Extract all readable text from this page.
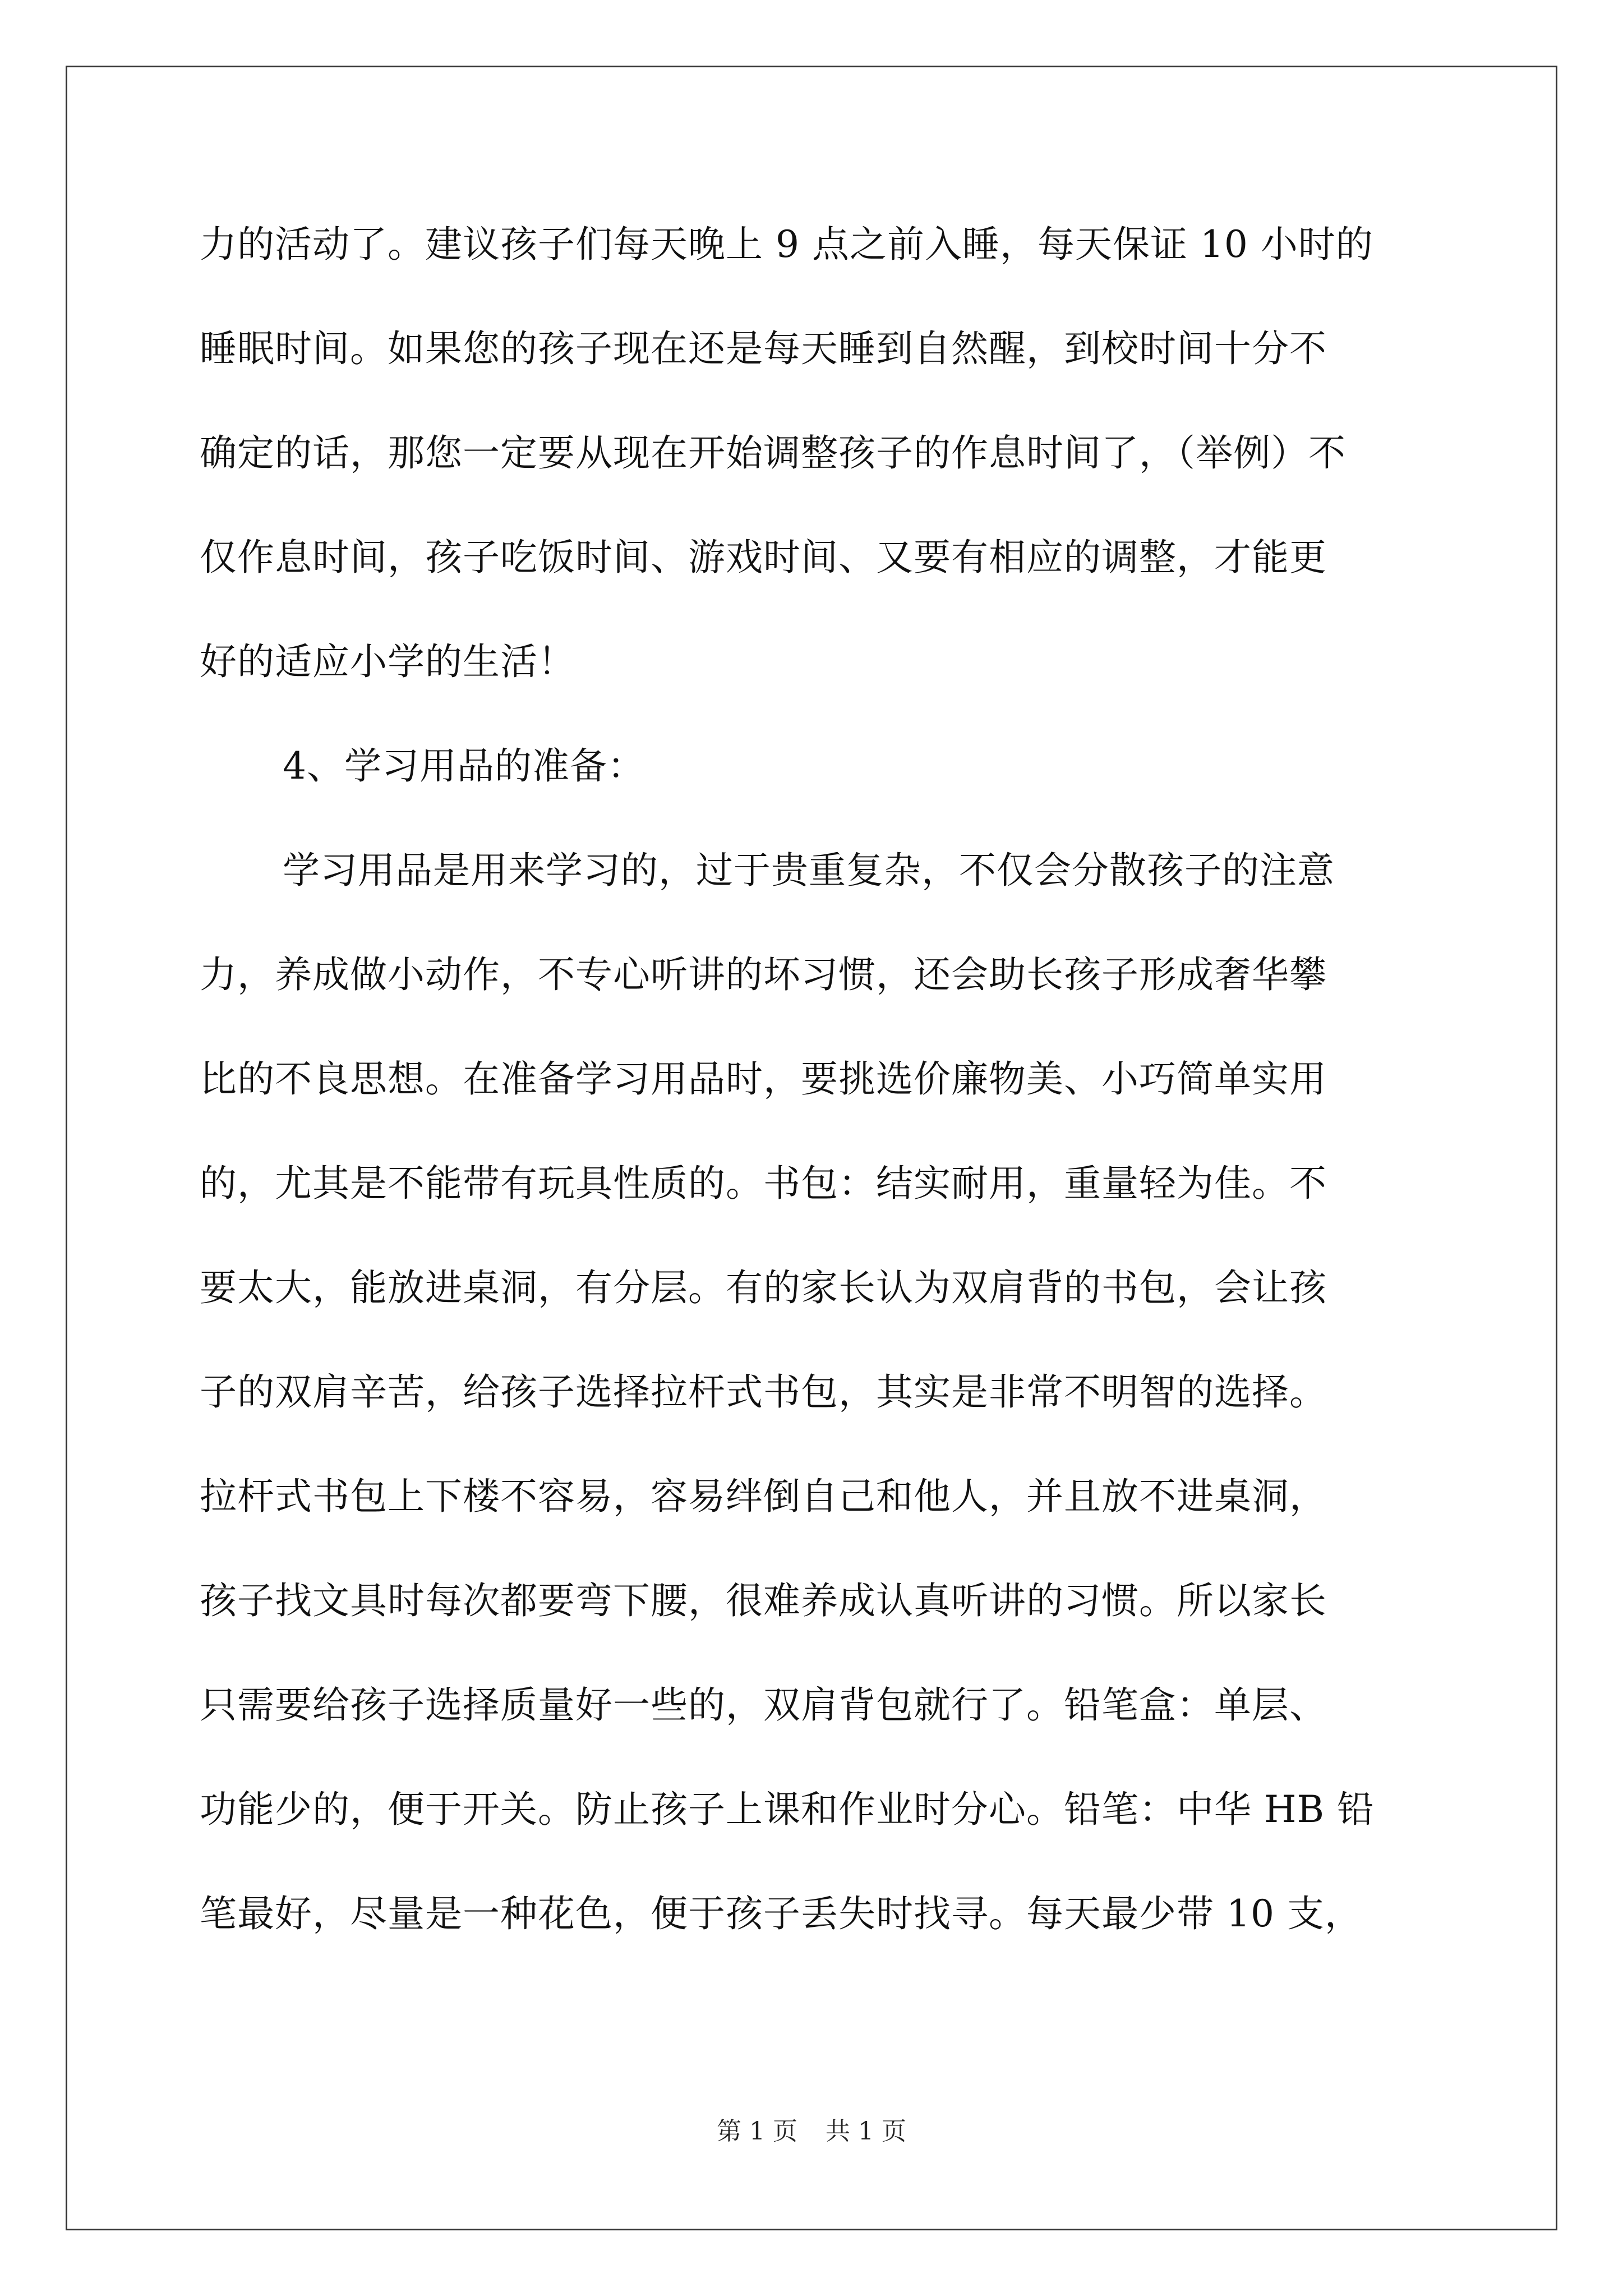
力的活动了。建议孩子们每天晚上 9 点之前入睡，每天保证 10 小时的
睡眠时间。如果您的孩子现在还是每天睡到自然醒，到校时间十分不
确定的话，那您一定要从现在开始调整孩子的作息时间了，（举例）不
仅作息时间，孩子吃饭时间、游戏时间、又要有相应的调整，才能更
好的适应小学的生活！
4、学习用品的准备：
学习用品是用来学习的，过于贵重复杂，不仅会分散孩子的注意
力，养成做小动作，不专心听讲的坏习惯，还会助长孩子形成奢华攀
比的不良思想。在准备学习用品时，要挑选价廉物美、小巧简单实用
的，尤其是不能带有玩具性质的。书包：结实耐用，重量轻为佳。不
要太大，能放进桌洞，有分层。有的家长认为双肩背的书包，会让孩
子的双肩辛苦，给孩子选择拉杆式书包，其实是非常不明智的选择。
拉杆式书包上下楼不容易，容易绊倒自己和他人，并且放不进桌洞，
孩子找文具时每次都要弯下腰，很难养成认真听讲的习惯。所以家长
只需要给孩子选择质量好一些的，双肩背包就行了。铅笔盒：单层、
功能少的，便于开关。防止孩子上课和作业时分心。铅笔：中华 HB 铅
笔最好，尽量是一种花色，便于孩子丢失时找寻。每天最少带 10 支，
第 1 页 共 1 页
